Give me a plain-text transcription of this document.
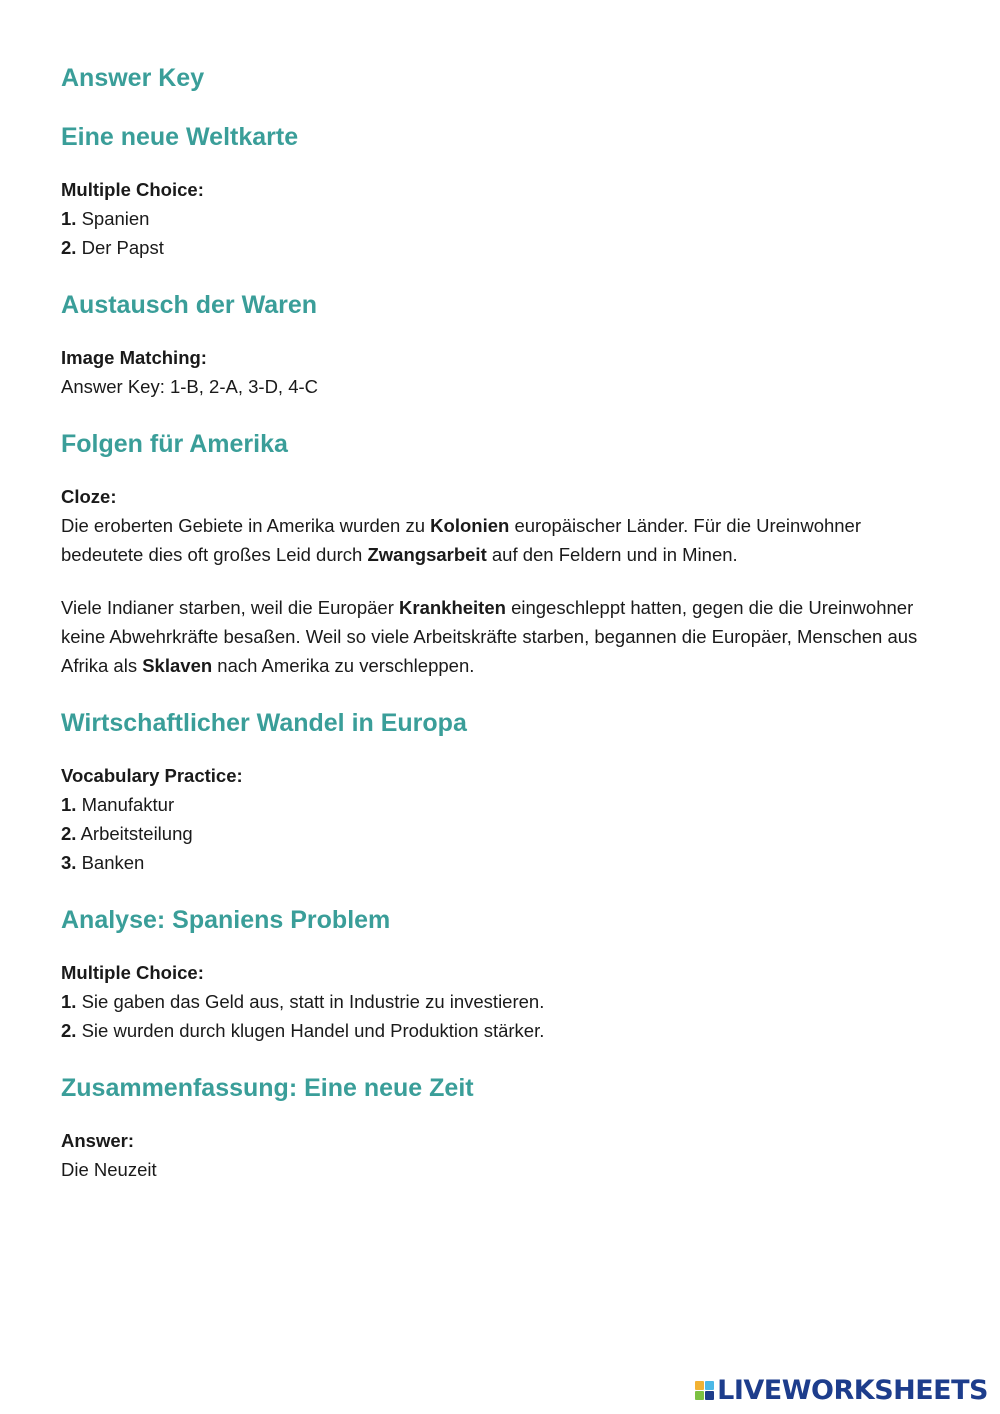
Answer Key
Eine neue Weltkarte
Multiple Choice:
1. Spanien
2. Der Papst
Austausch der Waren
Image Matching:
Answer Key: 1-B, 2-A, 3-D, 4-C
Folgen für Amerika
Cloze:

Die eroberten Gebiete in Amerika wurden zu Kolonien europäischer Länder. Für die Ureinwohner bedeutete dies oft großes Leid durch Zwangsarbeit auf den Feldern und in Minen.

Viele Indianer starben, weil die Europäer Krankheiten eingeschleppt hatten, gegen die die Ureinwohner keine Abwehrkräfte besaßen. Weil so viele Arbeitskräfte starben, begannen die Europäer, Menschen aus Afrika als Sklaven nach Amerika zu verschleppen.

Wirtschaftlicher Wandel in Europa
Vocabulary Practice:
1. Manufaktur
2. Arbeitsteilung
3. Banken
Analyse: Spaniens Problem
Multiple Choice:
1. Sie gaben das Geld aus, statt in Industrie zu investieren.
2. Sie wurden durch klugen Handel und Produktion stärker.
Zusammenfassung: Eine neue Zeit
Answer:
Die Neuzeit
LIVEWORKSHEETS
